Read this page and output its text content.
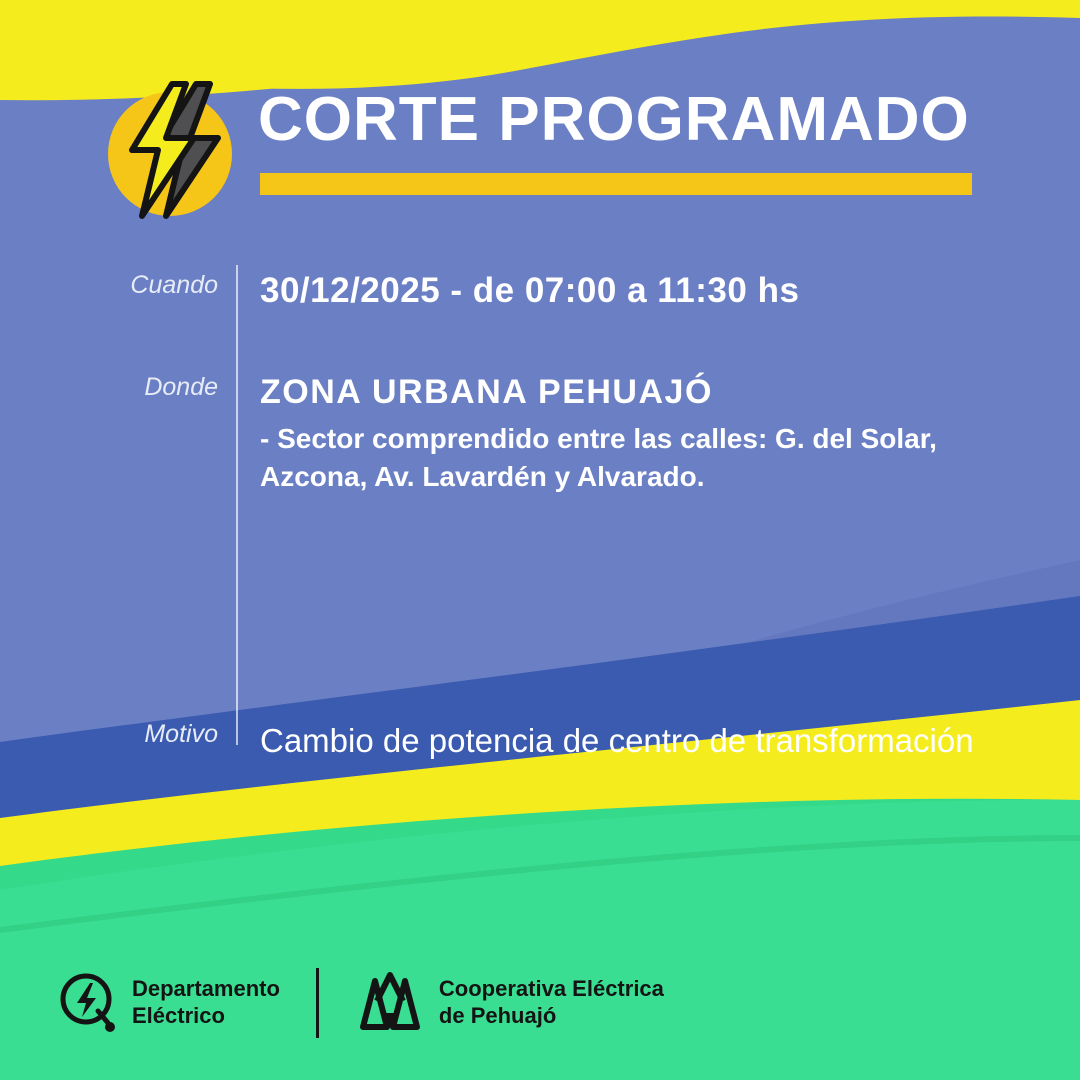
CORTE PROGRAMADO
Cuando 30/12/2025 - de 07:00 a 11:30 hs
Donde ZONA URBANA PEHUAJÓ
- Sector comprendido entre las calles: G. del Solar, Azcona, Av. Lavardén y Alvarado.
Motivo Cambio de potencia de centro de transformación
Departamento
Eléctrico
Cooperativa Eléctrica
de Pehuajó
